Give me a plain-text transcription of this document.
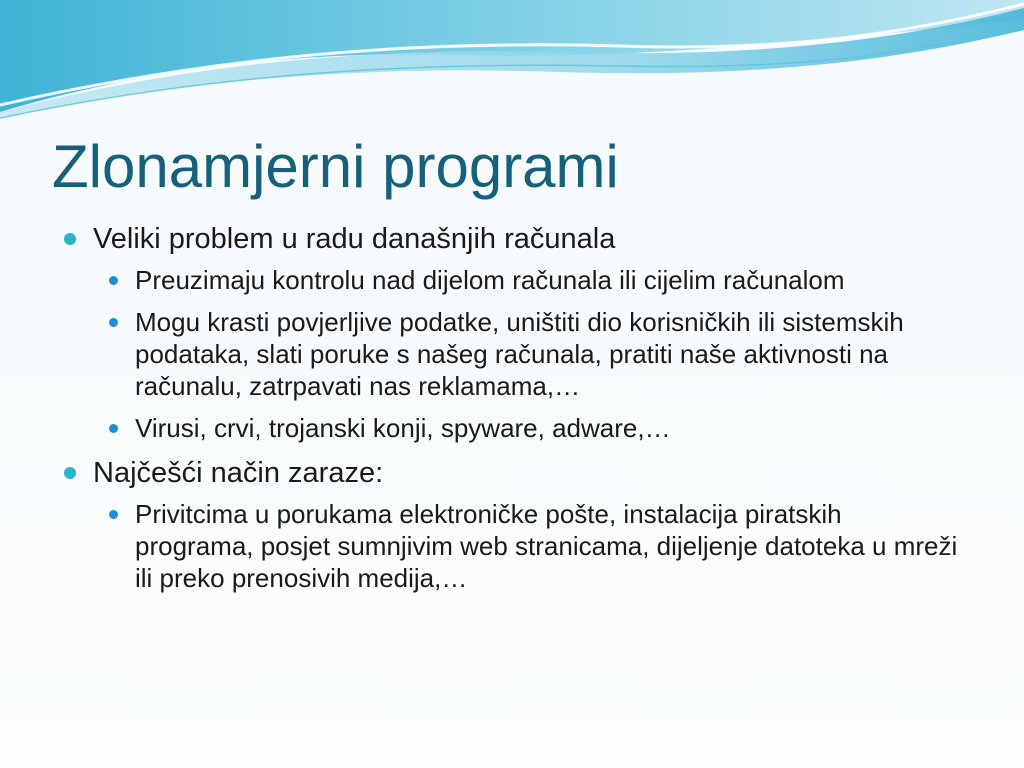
Zlonamjerni programi
Veliki problem u radu današnjih računala
Preuzimaju kontrolu nad dijelom računala ili cijelim računalom
Mogu krasti povjerljive podatke, uništiti dio korisničkih ili sistemskih podataka, slati poruke s našeg računala, pratiti naše aktivnosti na računalu, zatrpavati nas reklamama,…
Virusi, crvi, trojanski konji, spyware, adware,…
Najčešći način zaraze:
Privitcima u porukama elektroničke pošte, instalacija piratskih programa, posjet sumnjivim web stranicama, dijeljenje datoteka u mreži ili preko prenosivih medija,…
